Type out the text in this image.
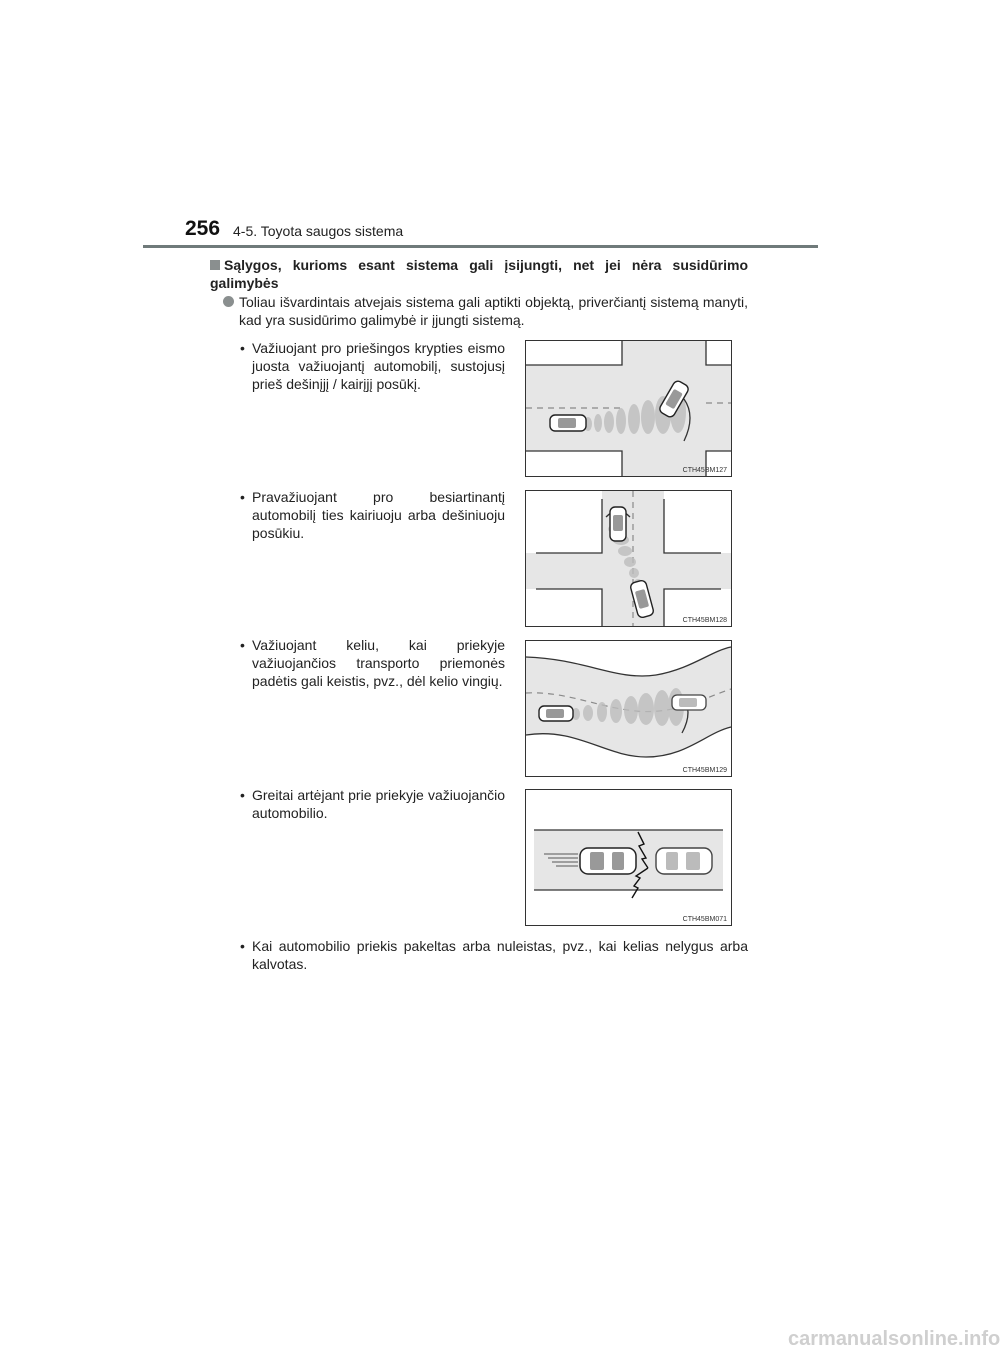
256 4-5. Toyota saugos sistema
Sąlygos, kurioms esant sistema gali įsijungti, net jei nėra susidūrimo galimybės
Toliau išvardintais atvejais sistema gali aptikti objektą, priverčiantį sistemą manyti, kad yra susidūrimo galimybė ir įjungti sistemą.
• Važiuojant pro priešingos krypties eismo juosta važiuojantį automobilį, sustojusį prieš dešinįjį / kairįjį posūkį.
CTH45BM127
• Pravažiuojant pro besiartinantį automobilį ties kairiuoju arba dešiniuoju posūkiu.
CTH45BM128
• Važiuojant keliu, kai priekyje važiuojančios transporto priemonės padėtis gali keistis, pvz., dėl kelio vingių.
CTH45BM129
• Greitai artėjant prie priekyje važiuojančio automobilio.
CTH45BM071
• Kai automobilio priekis pakeltas arba nuleistas, pvz., kai kelias nelygus arba kalvotas.
carmanualsonline.info
